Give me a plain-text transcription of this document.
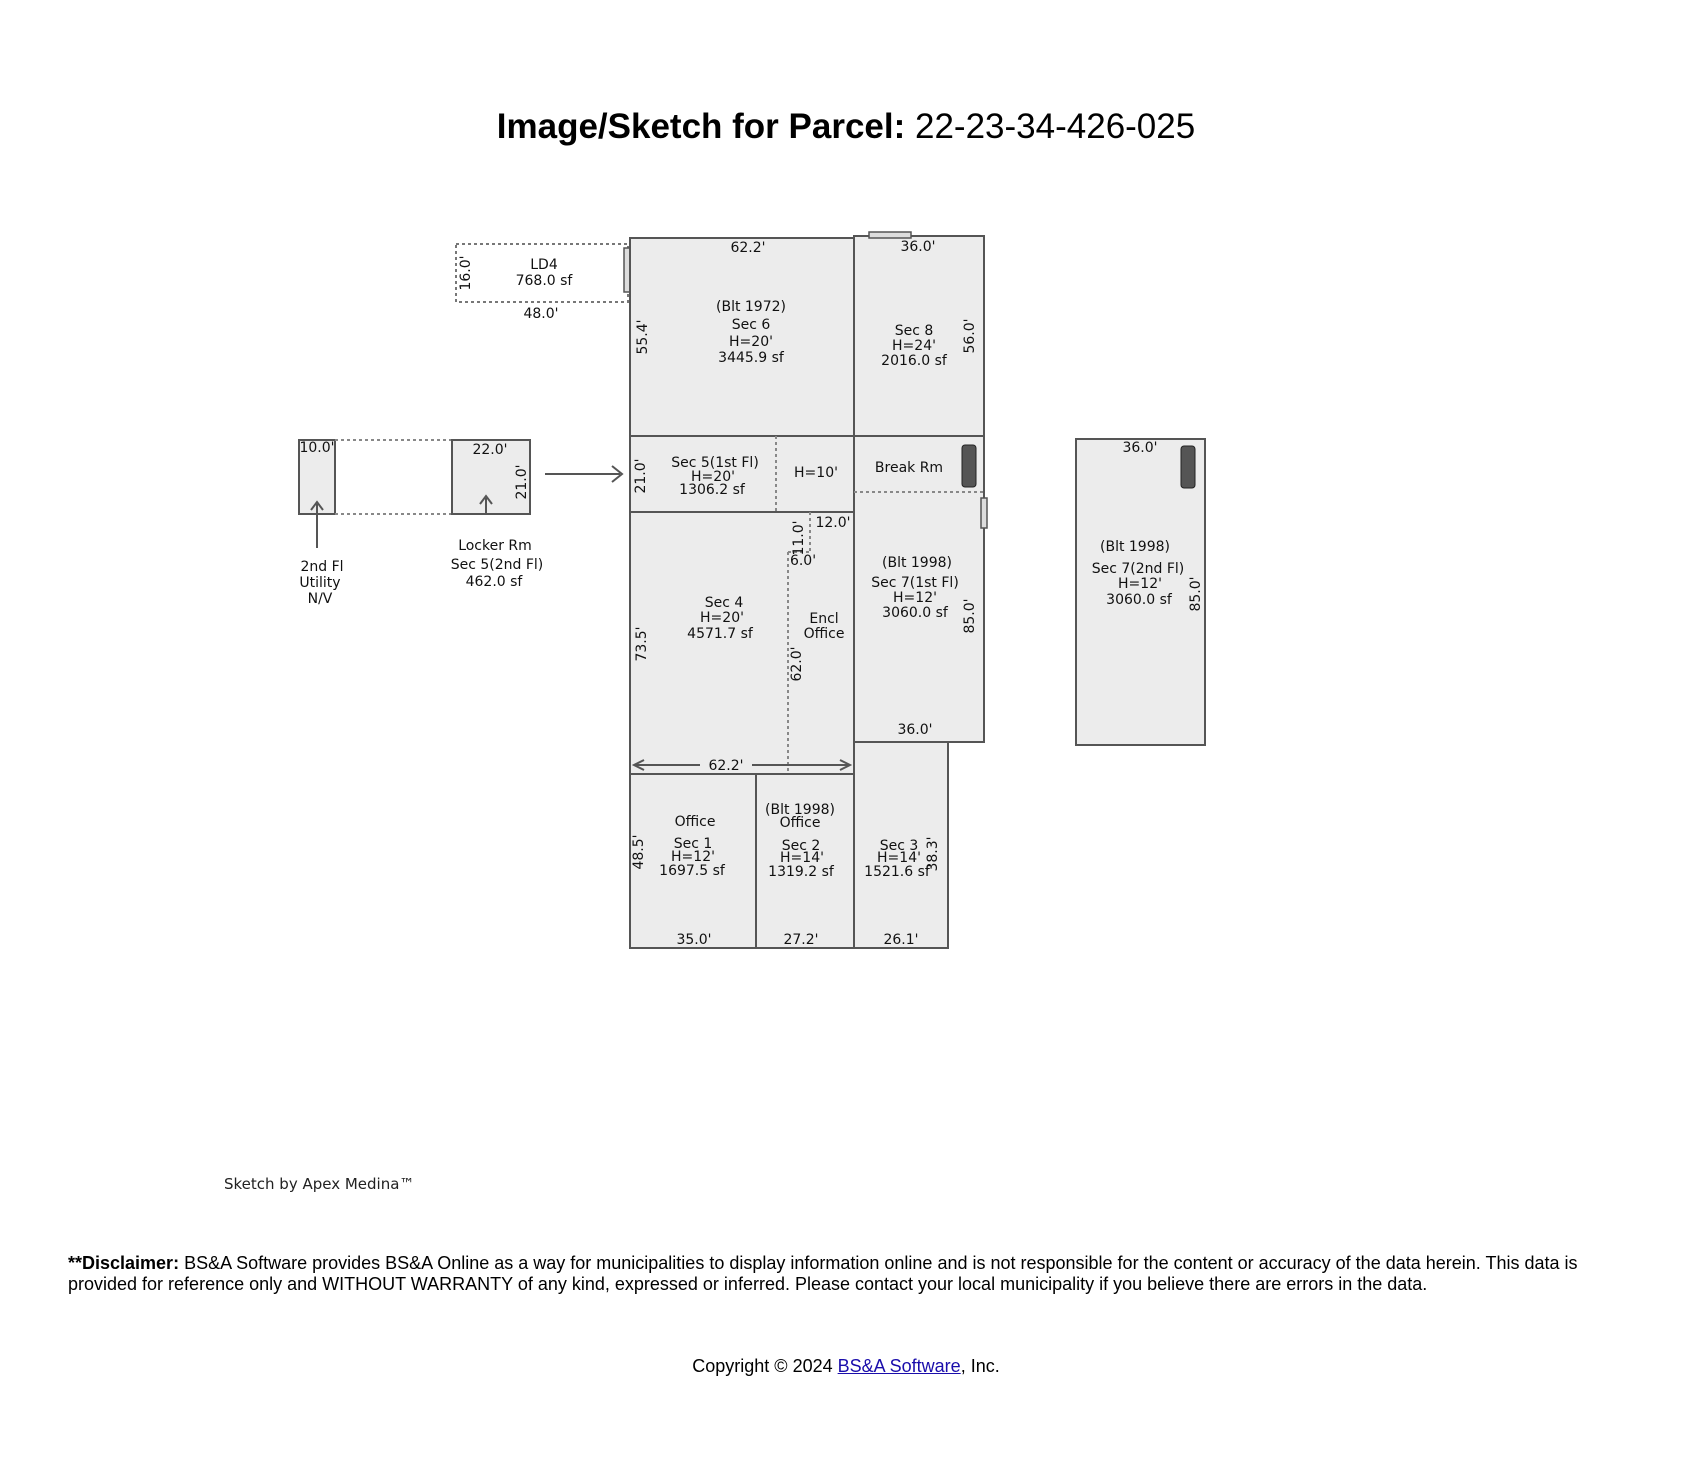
Image/Sketch for Parcel: 22-23-34-426-025
LD4
768.0 sf
16.0'
48.0'
62.2'
(Blt 1972)
Sec 6
H=20'
3445.9 sf
55.4'
36.0'
Sec 8
H=24'
2016.0 sf
56.0'
10.0'
2nd Fl
Utility
N/V
22.0'
21.0'
Locker Rm
Sec 5(2nd Fl)
462.0 sf
Sec 5(1st Fl)
H=20'
1306.2 sf
21.0'	H=10'	Break Rm
(Blt 1998)
Sec 7(1st Fl)
H=12'
3060.0 sf 85.0'
36.0'
Sec 4
H=20'
4571.7 sf
73.5'
11.0' 12.0'
6.0'
62.0'
Encl
Office
62.2'
Office
Sec 1
H=12'
1697.5 sf
48.5'
35.0'
(Blt 1998)
Office
Sec 2
H=14'
1319.2 sf
27.2'
Sec 3
H=14'
1521.6 sf
38.3'
26.1'
36.0'
(Blt 1998)
Sec 7(2nd Fl)
H=12'
3060.0 sf 85.0'
Sketch by Apex Medina™
**Disclaimer: BS&A Software provides BS&A Online as a way for municipalities to display information online and is not responsible for the content or accuracy of the data herein. This data is provided for reference only and WITHOUT WARRANTY of any kind, expressed or inferred. Please contact your local municipality if you believe there are errors in the data.
Copyright © 2024 BS&A Software, Inc.
